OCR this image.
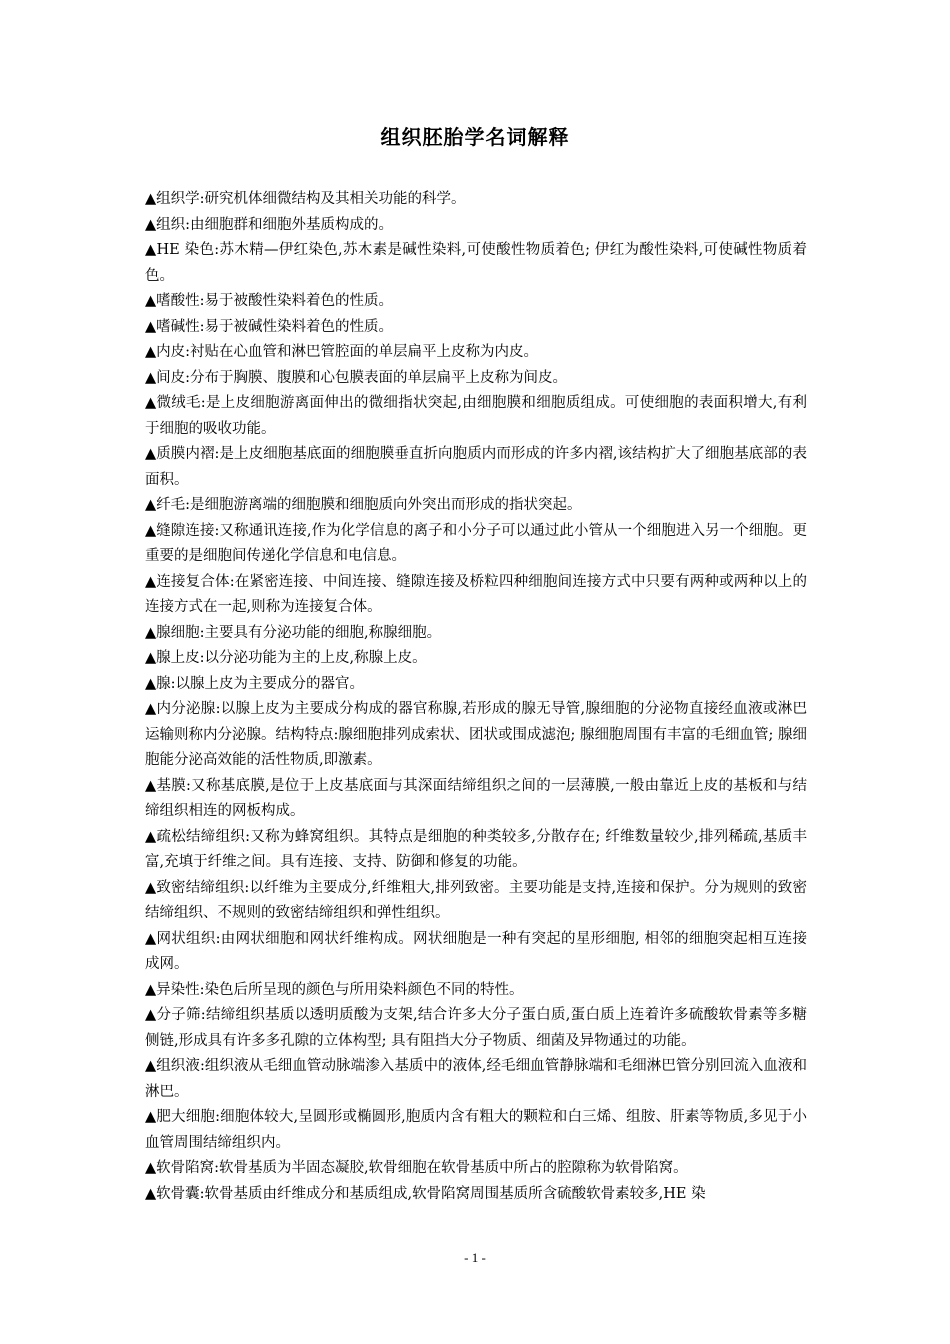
组织胚胎学名词解释

▲组织学:研究机体细微结构及其相关功能的科学。

▲组织:由细胞群和细胞外基质构成的。

▲HE 染色:苏木精—伊红染色,苏木素是碱性染料,可使酸性物质着色; 伊红为酸性染料,可使碱性物质着色。

▲嗜酸性:易于被酸性染料着色的性质。

▲嗜碱性:易于被碱性染料着色的性质。

▲内皮:衬贴在心血管和淋巴管腔面的单层扁平上皮称为内皮。

▲间皮:分布于胸膜、腹膜和心包膜表面的单层扁平上皮称为间皮。

▲微绒毛:是上皮细胞游离面伸出的微细指状突起,由细胞膜和细胞质组成。可使细胞的表面积增大,有利于细胞的吸收功能。

▲质膜内褶:是上皮细胞基底面的细胞膜垂直折向胞质内而形成的许多内褶,该结构扩大了细胞基底部的表面积。

▲纤毛:是细胞游离端的细胞膜和细胞质向外突出而形成的指状突起。

▲缝隙连接:又称通讯连接,作为化学信息的离子和小分子可以通过此小管从一个细胞进入另一个细胞。更重要的是细胞间传递化学信息和电信息。

▲连接复合体:在紧密连接、中间连接、缝隙连接及桥粒四种细胞间连接方式中只要有两种或两种以上的连接方式在一起,则称为连接复合体。

▲腺细胞:主要具有分泌功能的细胞,称腺细胞。

▲腺上皮:以分泌功能为主的上皮,称腺上皮。

▲腺:以腺上皮为主要成分的器官。

▲内分泌腺:以腺上皮为主要成分构成的器官称腺,若形成的腺无导管,腺细胞的分泌物直接经血液或淋巴运输则称内分泌腺。结构特点:腺细胞排列成索状、团状或围成滤泡; 腺细胞周围有丰富的毛细血管; 腺细胞能分泌高效能的活性物质,即激素。

▲基膜:又称基底膜,是位于上皮基底面与其深面结缔组织之间的一层薄膜,一般由靠近上皮的基板和与结缔组织相连的网板构成。

▲疏松结缔组织:又称为蜂窝组织。其特点是细胞的种类较多,分散存在; 纤维数量较少,排列稀疏,基质丰富,充填于纤维之间。具有连接、支持、防御和修复的功能。

▲致密结缔组织:以纤维为主要成分,纤维粗大,排列致密。主要功能是支持,连接和保护。分为规则的致密结缔组织、不规则的致密结缔组织和弹性组织。

▲网状组织:由网状细胞和网状纤维构成。网状细胞是一种有突起的星形细胞, 相邻的细胞突起相互连接成网。

▲异染性:染色后所呈现的颜色与所用染料颜色不同的特性。

▲分子筛:结缔组织基质以透明质酸为支架,结合许多大分子蛋白质,蛋白质上连着许多硫酸软骨素等多糖侧链,形成具有许多多孔隙的立体构型; 具有阻挡大分子物质、细菌及异物通过的功能。

▲组织液:组织液从毛细血管动脉端渗入基质中的液体,经毛细血管静脉端和毛细淋巴管分别回流入血液和淋巴。

▲肥大细胞:细胞体较大,呈圆形或椭圆形,胞质内含有粗大的颗粒和白三烯、组胺、肝素等物质,多见于小血管周围结缔组织内。

▲软骨陷窝:软骨基质为半固态凝胶,软骨细胞在软骨基质中所占的腔隙称为软骨陷窝。

▲软骨囊:软骨基质由纤维成分和基质组成,软骨陷窝周围基质所含硫酸软骨素较多,HE 染

- 1 -
